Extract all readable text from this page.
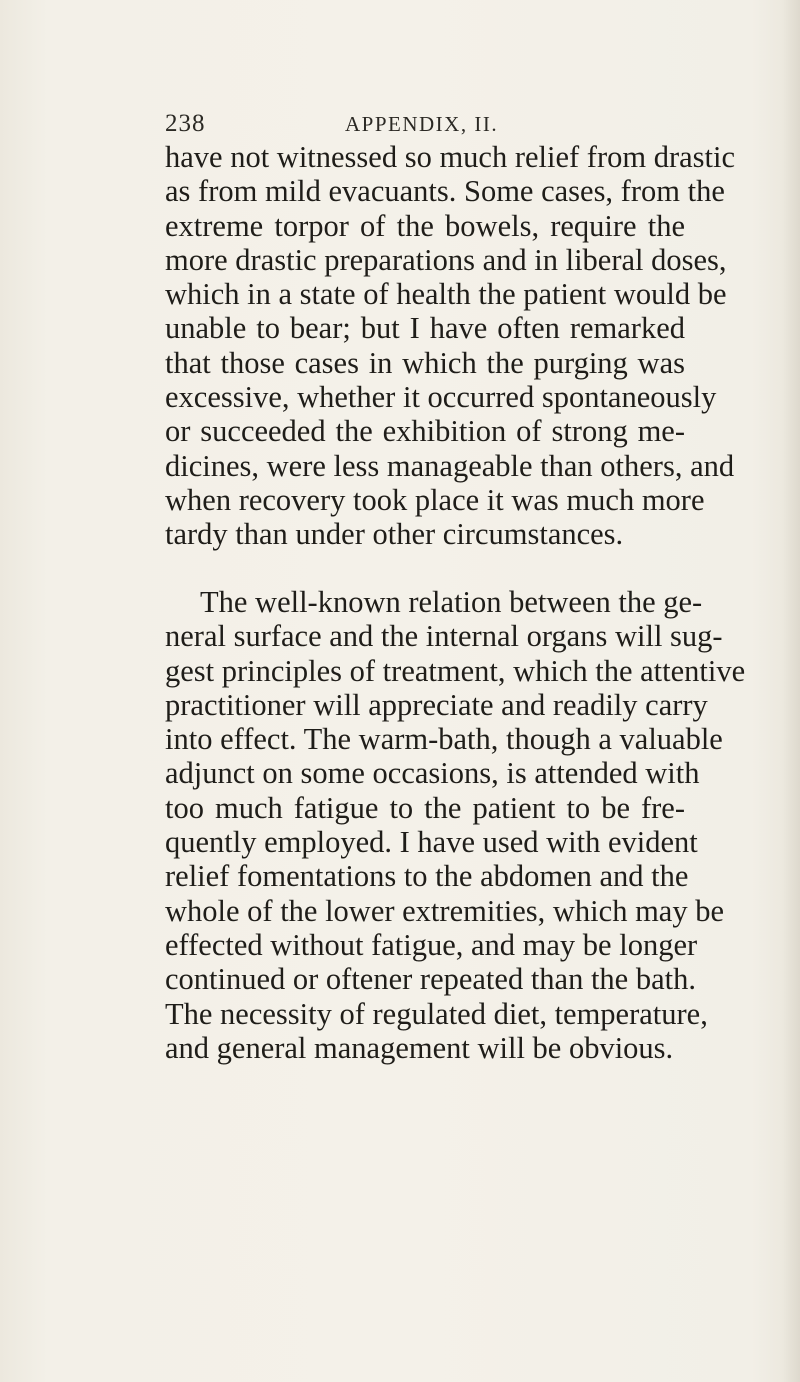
238	APPENDIX, II.
have not witnessed so much relief from drastic
as from mild evacuants. Some cases, from the
extreme torpor of the bowels, require the
more drastic preparations and in liberal doses,
which in a state of health the patient would be
unable to bear; but I have often remarked
that those cases in which the purging was
excessive, whether it occurred spontaneously
or succeeded the exhibition of strong me-
dicines, were less manageable than others, and
when recovery took place it was much more
tardy than under other circumstances.
The well-known relation between the ge-
neral surface and the internal organs will sug-
gest principles of treatment, which the attentive
practitioner will appreciate and readily carry
into effect. The warm-bath, though a valuable
adjunct on some occasions, is attended with
too much fatigue to the patient to be fre-
quently employed. I have used with evident
relief fomentations to the abdomen and the
whole of the lower extremities, which may be
effected without fatigue, and may be longer
continued or oftener repeated than the bath.
The necessity of regulated diet, temperature,
and general management will be obvious.
